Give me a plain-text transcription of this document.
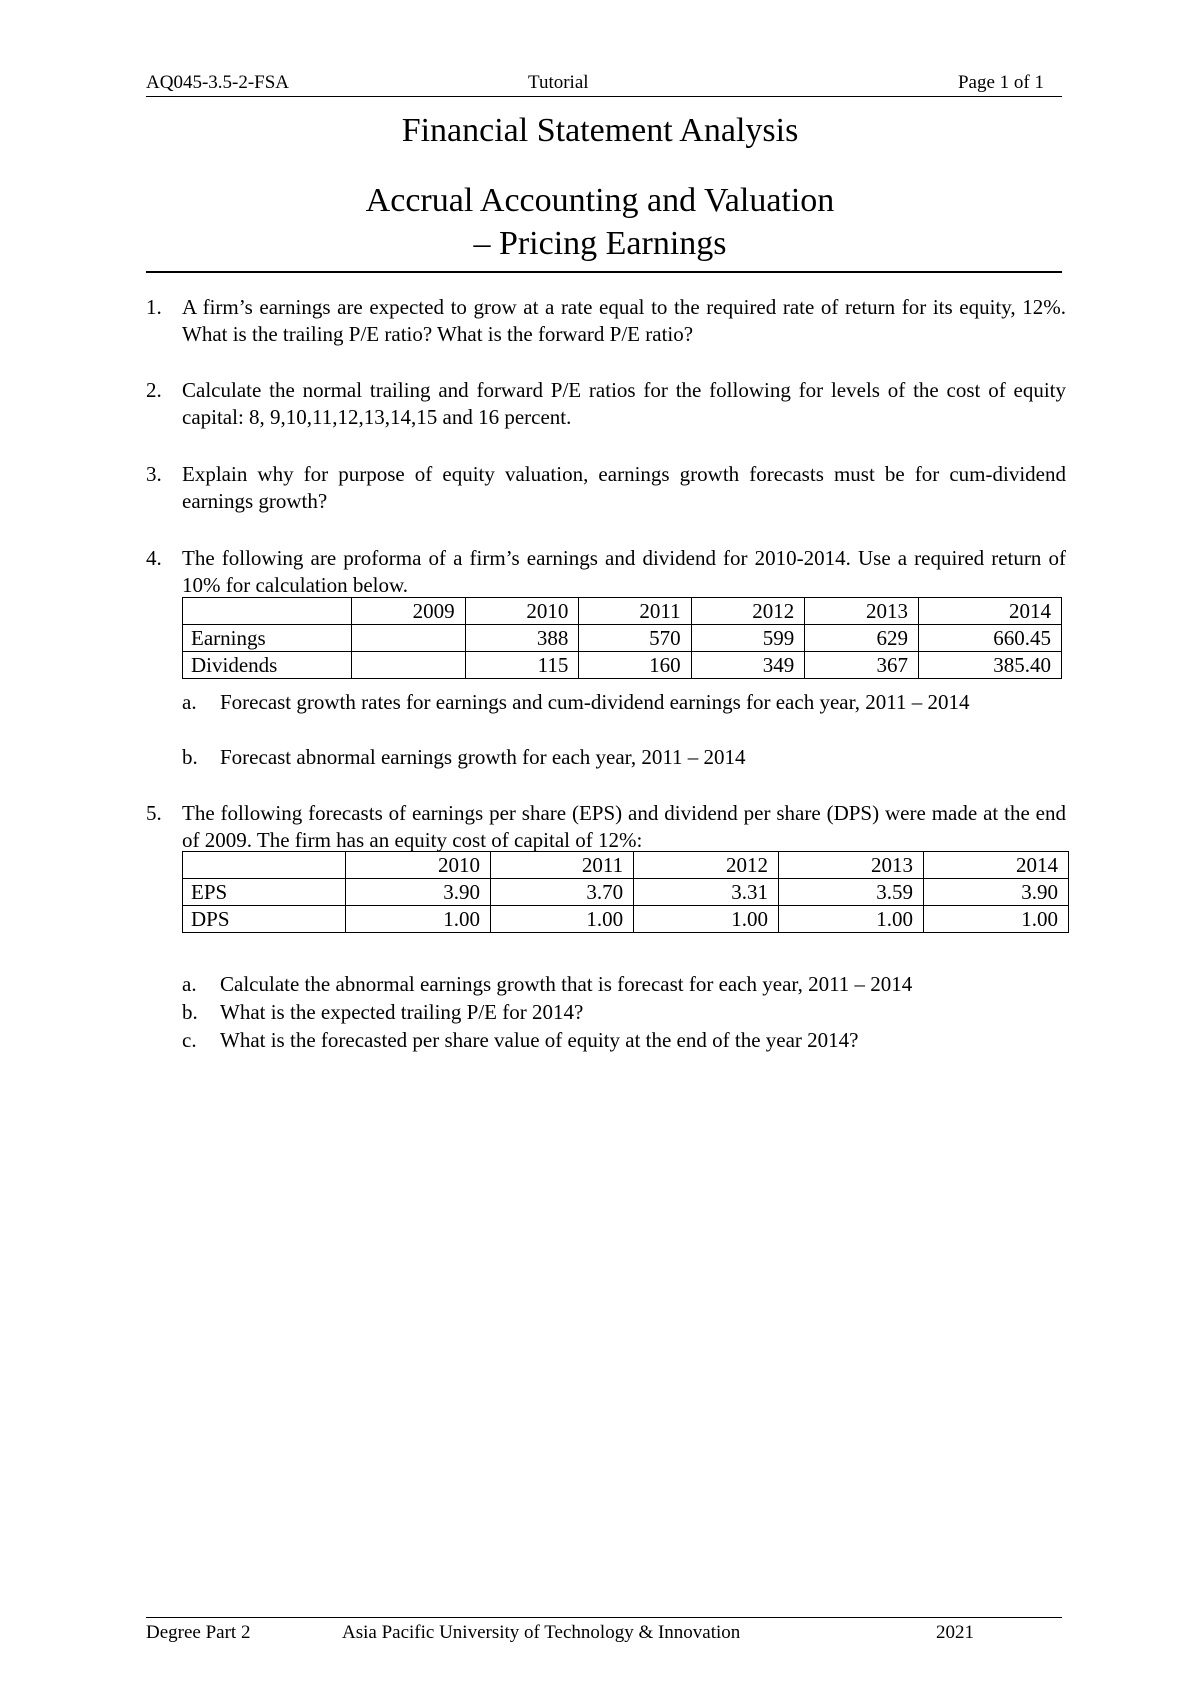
AQ045-3.5-2-FSA	Tutorial	Page 1 of 1
Financial Statement Analysis
Accrual Accounting and Valuation
– Pricing Earnings
1. A firm’s earnings are expected to grow at a rate equal to the required rate of return for its equity, 12%. What is the trailing P/E ratio? What is the forward P/E ratio?
2. Calculate the normal trailing and forward P/E ratios for the following for levels of the cost of equity capital: 8, 9,10,11,12,13,14,15 and 16 percent.
3. Explain why for purpose of equity valuation, earnings growth forecasts must be for cum-dividend earnings growth?
4. The following are proforma of a firm’s earnings and dividend for 2010-2014. Use a required return of 10% for calculation below.
	2009	2010	2011	2012	2013	2014
Earnings		388	570	599	629	660.45
Dividends		115	160	349	367	385.40
a. Forecast growth rates for earnings and cum-dividend earnings for each year, 2011 – 2014
b. Forecast abnormal earnings growth for each year, 2011 – 2014
5. The following forecasts of earnings per share (EPS) and dividend per share (DPS) were made at the end of 2009. The firm has an equity cost of capital of 12%:
	2010	2011	2012	2013	2014
EPS	3.90	3.70	3.31	3.59	3.90
DPS	1.00	1.00	1.00	1.00	1.00
a. Calculate the abnormal earnings growth that is forecast for each year, 2011 – 2014
b. What is the expected trailing P/E for 2014?
c. What is the forecasted per share value of equity at the end of the year 2014?
Degree Part 2	Asia Pacific University of Technology & Innovation	2021
